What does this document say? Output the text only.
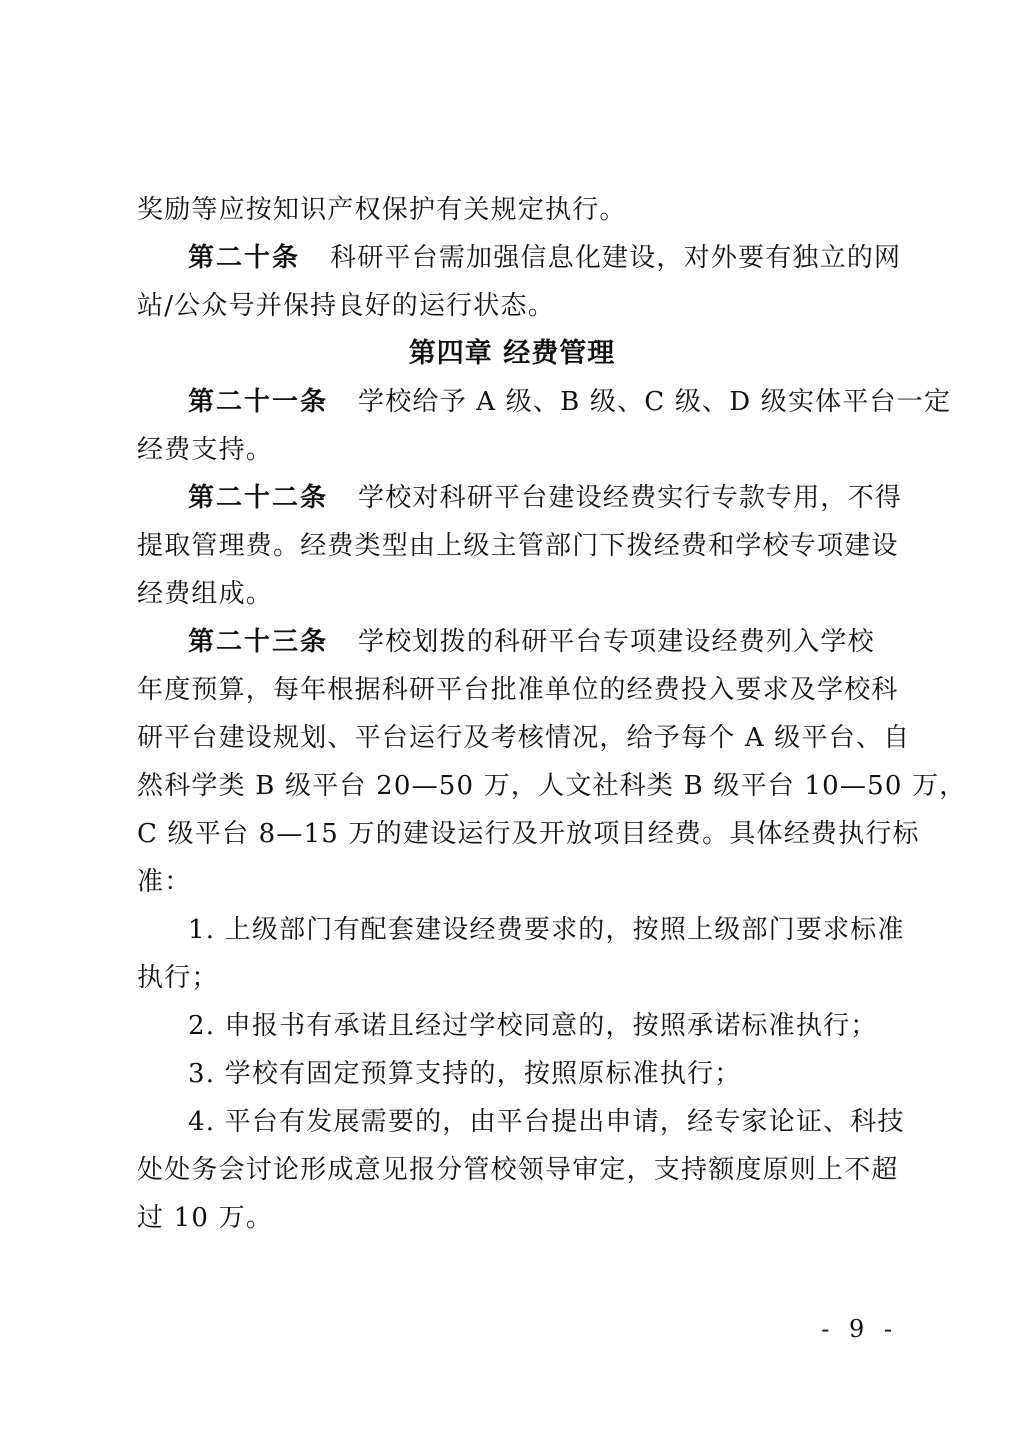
奖励等应按知识产权保护有关规定执行。
第二十条 科研平台需加强信息化建设，对外要有独立的网
站/公众号并保持良好的运行状态。
第四章 经费管理
第二十一条 学校给予 A 级、B 级、C 级、D 级实体平台一定
经费支持。
第二十二条 学校对科研平台建设经费实行专款专用，不得
提取管理费。经费类型由上级主管部门下拨经费和学校专项建设
经费组成。
第二十三条 学校划拨的科研平台专项建设经费列入学校
年度预算，每年根据科研平台批准单位的经费投入要求及学校科
研平台建设规划、平台运行及考核情况，给予每个 A 级平台、自
然科学类 B 级平台 20—50 万，人文社科类 B 级平台 10—50 万，
C 级平台 8—15 万的建设运行及开放项目经费。具体经费执行标
准：
1. 上级部门有配套建设经费要求的，按照上级部门要求标准
执行；
2. 申报书有承诺且经过学校同意的，按照承诺标准执行；
3. 学校有固定预算支持的，按照原标准执行；
4. 平台有发展需要的，由平台提出申请，经专家论证、科技
处处务会讨论形成意见报分管校领导审定，支持额度原则上不超
过 10 万。
- 9 -
